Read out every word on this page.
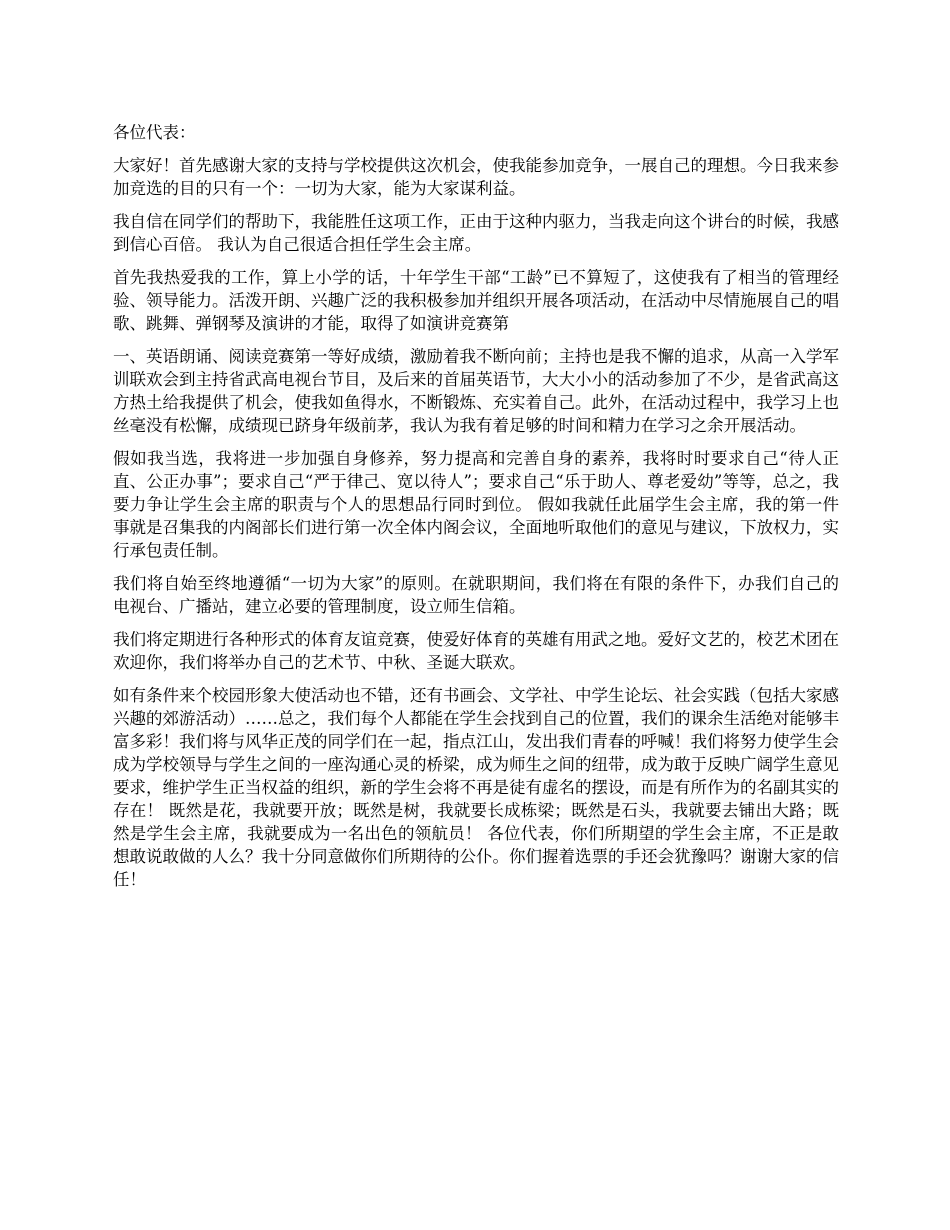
各位代表：

大家好！首先感谢大家的支持与学校提供这次机会，使我能参加竞争，一展自己的理想。今日我来参加竞选的目的只有一个：一切为大家，能为大家谋利益。

我自信在同学们的帮助下，我能胜任这项工作，正由于这种内驱力，当我走向这个讲台的时候，我感到信心百倍。 我认为自己很适合担任学生会主席。

首先我热爱我的工作，算上小学的话，十年学生干部“工龄”已不算短了，这使我有了相当的管理经验、领导能力。活泼开朗、兴趣广泛的我积极参加并组织开展各项活动，在活动中尽情施展自己的唱歌、跳舞、弹钢琴及演讲的才能，取得了如演讲竞赛第

一、英语朗诵、阅读竞赛第一等好成绩，激励着我不断向前；主持也是我不懈的追求，从高一入学军训联欢会到主持省武高电视台节目，及后来的首届英语节，大大小小的活动参加了不少，是省武高这方热土给我提供了机会，使我如鱼得水，不断锻炼、充实着自己。此外，在活动过程中，我学习上也丝毫没有松懈，成绩现已跻身年级前茅，我认为我有着足够的时间和精力在学习之余开展活动。

假如我当选，我将进一步加强自身修养，努力提高和完善自身的素养，我将时时要求自己“待人正直、公正办事”；要求自己“严于律己、宽以待人”；要求自己“乐于助人、尊老爱幼”等等，总之，我要力争让学生会主席的职责与个人的思想品行同时到位。 假如我就任此届学生会主席，我的第一件事就是召集我的内阁部长们进行第一次全体内阁会议，全面地听取他们的意见与建议，下放权力，实行承包责任制。

我们将自始至终地遵循“一切为大家”的原则。在就职期间，我们将在有限的条件下，办我们自己的电视台、广播站，建立必要的管理制度，设立师生信箱。

我们将定期进行各种形式的体育友谊竞赛，使爱好体育的英雄有用武之地。爱好文艺的，校艺术团在欢迎你，我们将举办自己的艺术节、中秋、圣诞大联欢。

如有条件来个校园形象大使活动也不错，还有书画会、文学社、中学生论坛、社会实践（包括大家感兴趣的郊游活动）……总之，我们每个人都能在学生会找到自己的位置，我们的课余生活绝对能够丰富多彩！我们将与风华正茂的同学们在一起，指点江山，发出我们青春的呼喊！我们将努力使学生会成为学校领导与学生之间的一座沟通心灵的桥梁，成为师生之间的纽带，成为敢于反映广阔学生意见要求，维护学生正当权益的组织，新的学生会将不再是徒有虚名的摆设，而是有所作为的名副其实的存在！ 既然是花，我就要开放；既然是树，我就要长成栋梁；既然是石头，我就要去铺出大路；既然是学生会主席，我就要成为一名出色的领航员！ 各位代表，你们所期望的学生会主席，不正是敢想敢说敢做的人么？我十分同意做你们所期待的公仆。你们握着选票的手还会犹豫吗？谢谢大家的信任！
